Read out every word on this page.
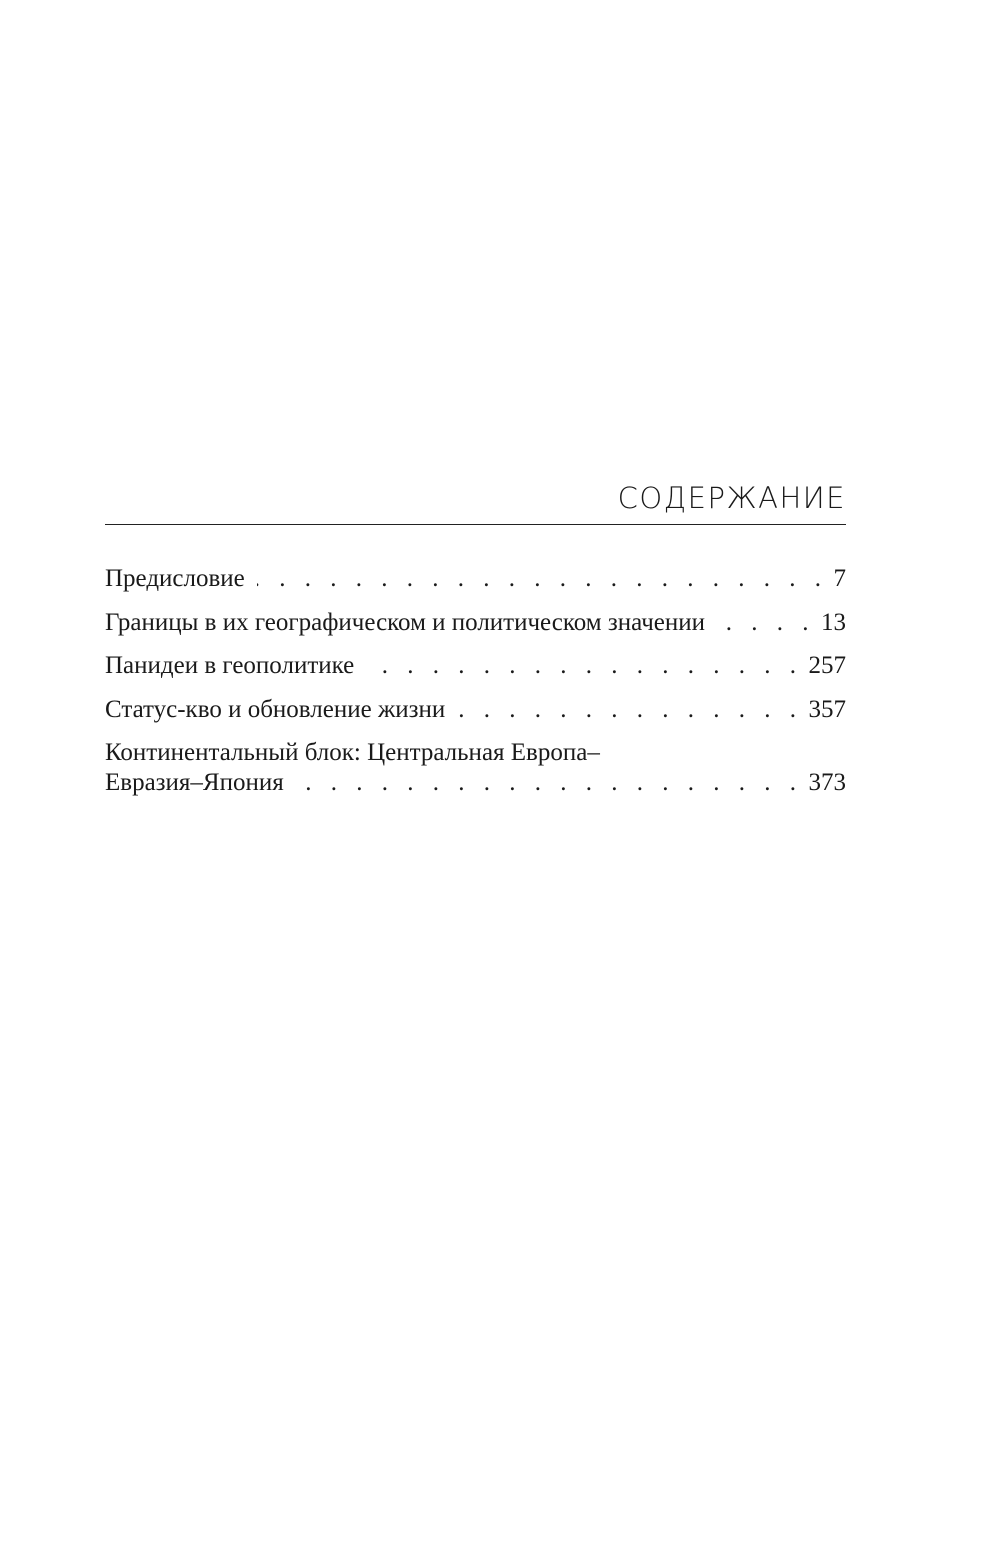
СОДЕРЖАНИЕ
Предисловие . . .	7
Границы в их географическом и политическом значении . . .	13
Панидеи в геополитике . . .	257
Статус-кво и обновление жизни . . .	357
Континентальный блок: Центральная Европа–
Евразия–Япония . . .	373
